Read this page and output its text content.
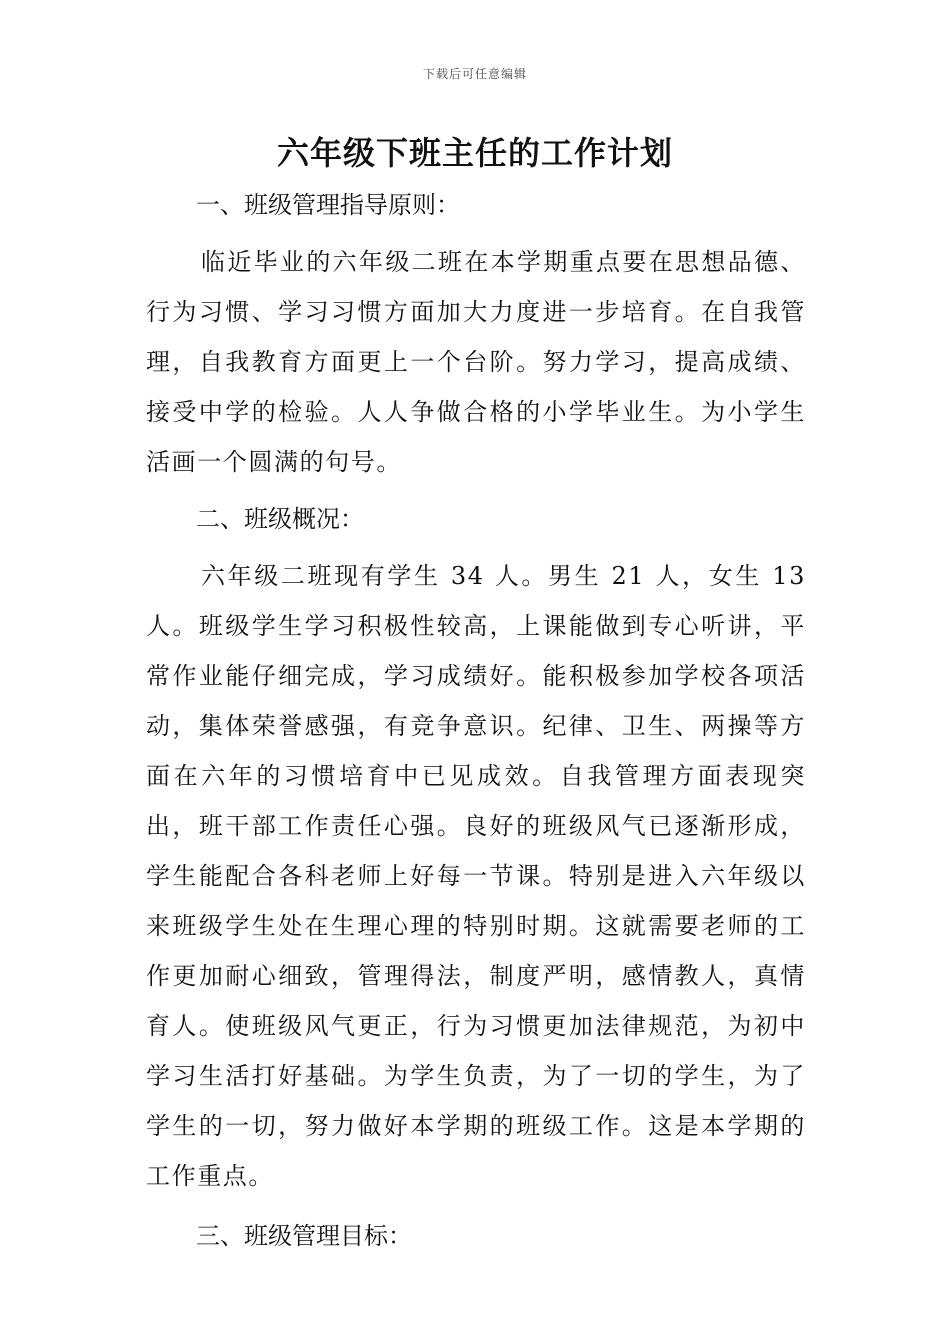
下载后可任意编辑
六年级下班主任的工作计划

一、班级管理指导原则：

临近毕业的六年级二班在本学期重点要在思想品德、行为习惯、学习习惯方面加大力度进一步培育。在自我管理，自我教育方面更上一个台阶。努力学习，提高成绩、接受中学的检验。人人争做合格的小学毕业生。为小学生活画一个圆满的句号。

二、班级概况：

六年级二班现有学生 34 人。男生 21 人，女生 13 人。班级学生学习积极性较高，上课能做到专心听讲，平常作业能仔细完成，学习成绩好。能积极参加学校各项活动，集体荣誉感强，有竞争意识。纪律、卫生、两操等方面在六年的习惯培育中已见成效。自我管理方面表现突出，班干部工作责任心强。良好的班级风气已逐渐形成，学生能配合各科老师上好每一节课。特别是进入六年级以来班级学生处在生理心理的特别时期。这就需要老师的工作更加耐心细致，管理得法，制度严明，感情教人，真情育人。使班级风气更正，行为习惯更加法律规范，为初中学习生活打好基础。为学生负责，为了一切的学生，为了学生的一切，努力做好本学期的班级工作。这是本学期的工作重点。

三、班级管理目标：
